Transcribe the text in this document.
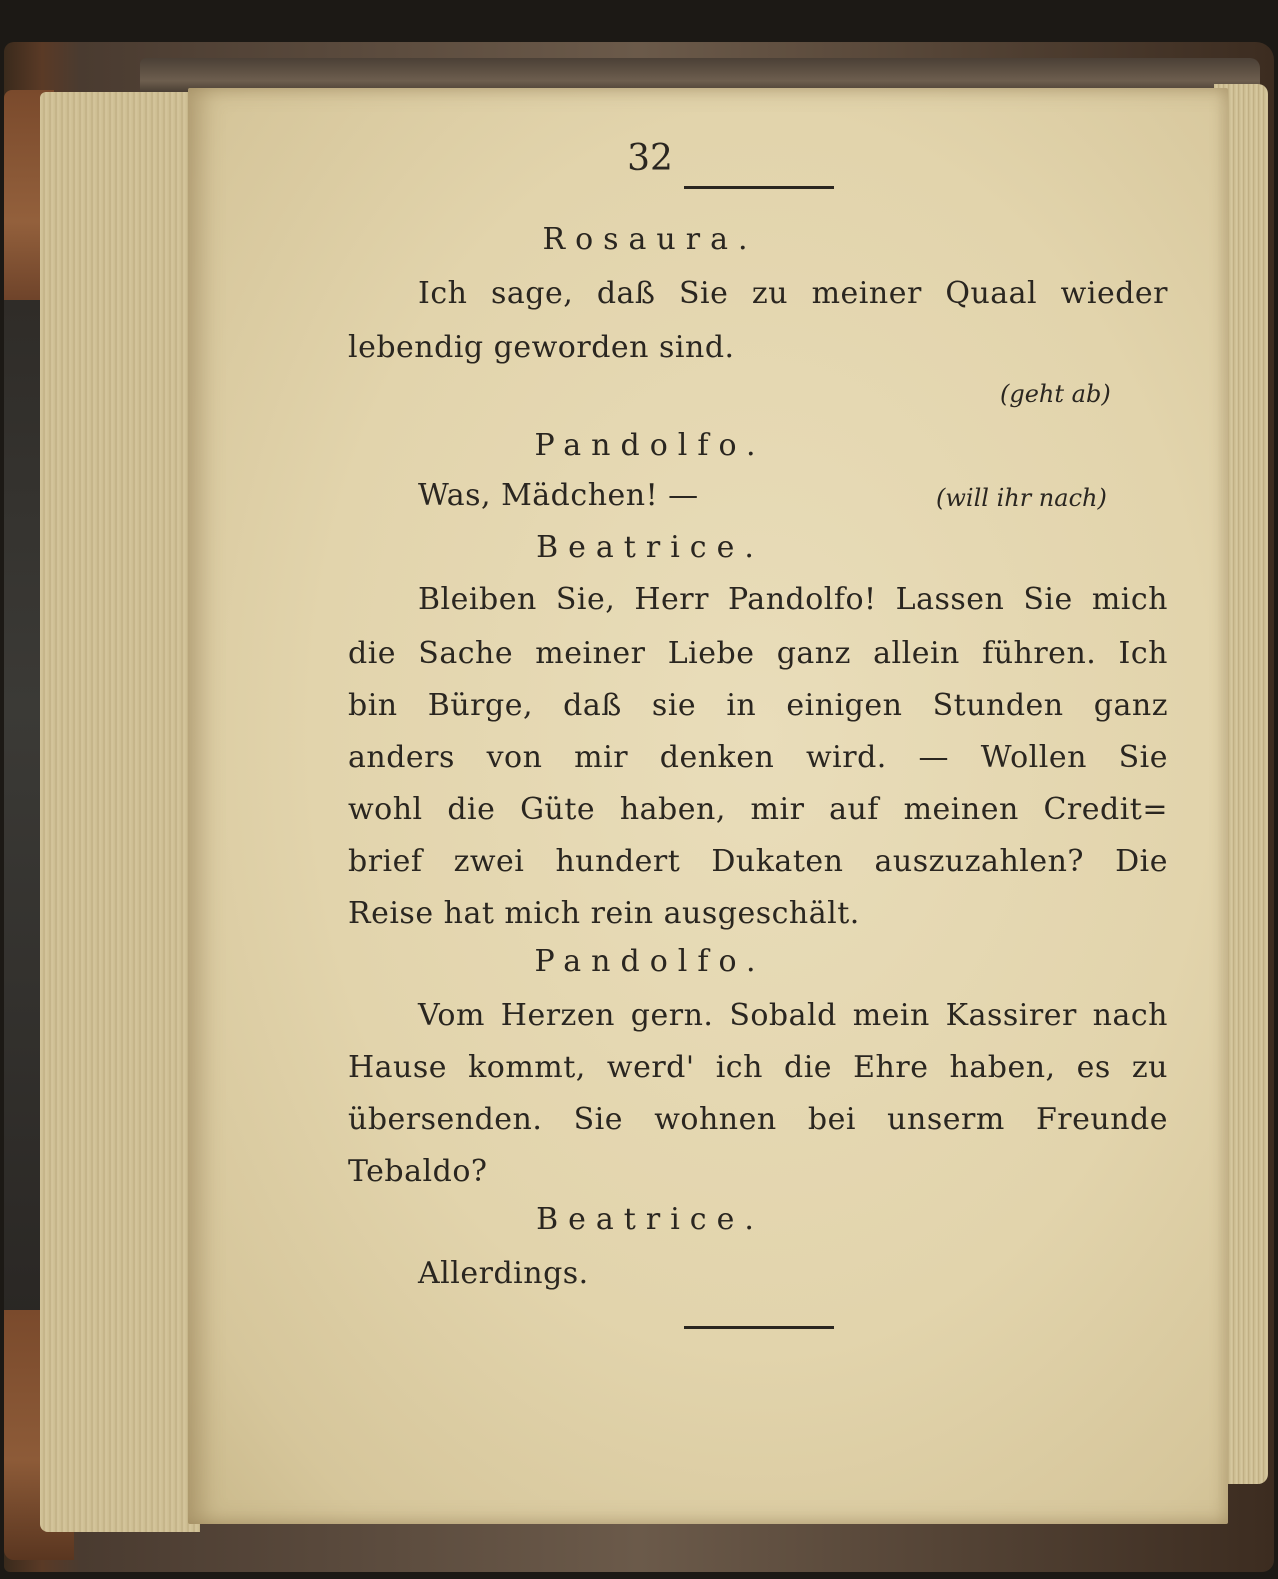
32
Rosaura.
Ich sage, daß Sie zu meiner Quaal wieder
lebendig geworden sind.
(geht ab)
Pandolfo.
Was, Mädchen! —	(will ihr nach)
Beatrice.
Bleiben Sie, Herr Pandolfo! Lassen Sie mich
die Sache meiner Liebe ganz allein führen. Ich
bin Bürge, daß sie in einigen Stunden ganz
anders von mir denken wird. — Wollen Sie
wohl die Güte haben, mir auf meinen Credit=
brief zwei hundert Dukaten auszuzahlen? Die
Reise hat mich rein ausgeschält.
Pandolfo.
Vom Herzen gern. Sobald mein Kassirer nach
Hause kommt, werd' ich die Ehre haben, es zu
übersenden. Sie wohnen bei unserm Freunde
Tebaldo?
Beatrice.
Allerdings.
